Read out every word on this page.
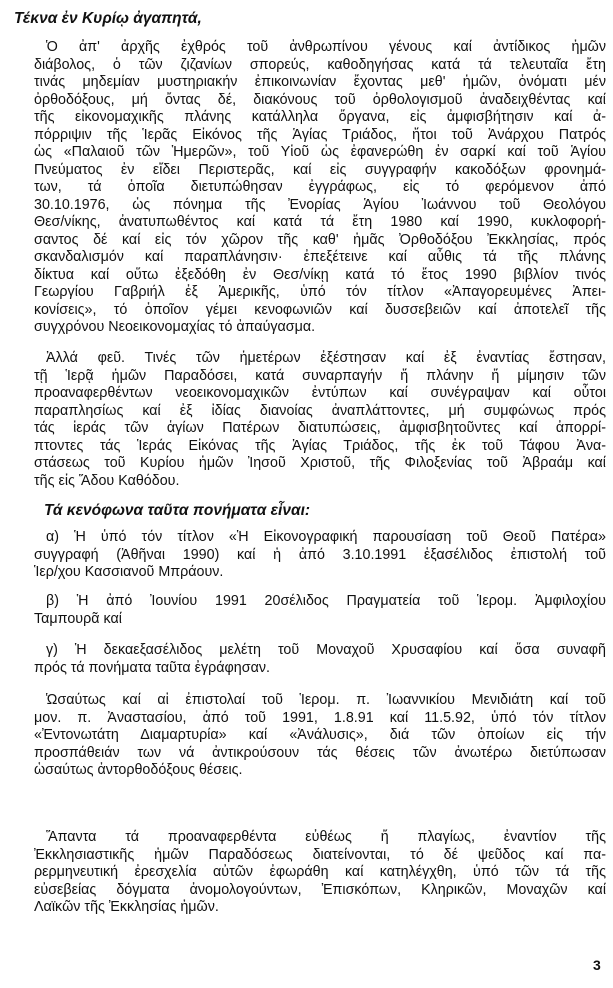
Τέκνα ἐν Κυρίῳ ἀγαπητά,
Ὁ ἀπ' ἀρχῆς ἐχθρός τοῦ ἀνθρωπίνου γένους καί ἀντίδικος ἡμῶν
διάβολος, ὁ τῶν ζιζανίων σπορεύς, καθοδηγήσας κατά τά τελευταῖα ἔτη
τινάς μηδεμίαν μυστηριακήν ἐπικοινωνίαν ἔχοντας μεθ' ἡμῶν, ὀνόματι μέν
ὀρθοδόξους, μή ὄντας δέ, διακόνους τοῦ ὀρθολογισμοῦ ἀναδειχθέντας καί
τῆς εἰκονομαχικῆς πλάνης κατάλληλα ὄργανα, εἰς ἀμφισβήτησιν καί ἀ-
πόρριψιν τῆς Ἱερᾶς Εἰκόνος τῆς Ἁγίας Τριάδος, ἤτοι τοῦ Ἀνάρχου Πατρός
ὡς «Παλαιοῦ τῶν Ἡμερῶν», τοῦ Υἱοῦ ὡς ἐφανερώθη ἐν σαρκί καί τοῦ Ἁγίου
Πνεύματος ἐν εἴδει Περιστερᾶς, καί εἰς συγγραφήν κακοδόξων φρονημά-
των, τά ὁποῖα διετυπώθησαν ἐγγράφως, εἰς τό φερόμενον ἀπό
30.10.1976, ὡς πόνημα τῆς Ἐνορίας Ἁγίου Ἰωάννου τοῦ Θεολόγου
Θεσ/νίκης, ἀνατυπωθέντος καί κατά τά ἔτη 1980 καί 1990, κυκλοφορή-
σαντος δέ καί εἰς τόν χῶρον τῆς καθ' ἡμᾶς Ὀρθοδόξου Ἐκκλησίας, πρός
σκανδαλισμόν καί παραπλάνησιν· ἐπεξέτεινε καί αὖθις τά τῆς πλάνης
δίκτυα καί οὕτω ἐξεδόθη ἐν Θεσ/νίκῃ κατά τό ἔτος 1990 βιβλίον τινός
Γεωργίου Γαβριήλ ἐξ Ἀμερικῆς, ὑπό τόν τίτλον «Ἀπαγορευμένες Ἀπει-
κονίσεις», τό ὁποῖον γέμει κενοφωνιῶν καί δυσσεβειῶν καί ἀποτελεῖ τῆς
συγχρόνου Νεοεικονομαχίας τό ἀπαύγασμα.
Ἀλλά φεῦ. Τινές τῶν ἡμετέρων ἐξέστησαν καί ἐξ ἐναντίας ἔστησαν,
τῇ Ἱερᾷ ἡμῶν Παραδόσει, κατά συναρπαγήν ἤ πλάνην ἤ μίμησιν τῶν
προαναφερθέντων νεοεικονομαχικῶν ἐντύπων καί συνέγραψαν καί οὗτοι
παραπλησίως καί ἐξ ἰδίας διανοίας ἀναπλάττοντες, μή συμφώνως πρός
τάς ἱεράς τῶν ἁγίων Πατέρων διατυπώσεις, ἀμφισβητοῦντες καί ἀπορρί-
πτοντες τάς Ἱεράς Εἰκόνας τῆς Ἁγίας Τριάδος, τῆς ἐκ τοῦ Τάφου Ἀνα-
στάσεως τοῦ Κυρίου ἡμῶν Ἰησοῦ Χριστοῦ, τῆς Φιλοξενίας τοῦ Ἀβραάμ καί
τῆς εἰς Ἅδου Καθόδου.
Τά κενόφωνα ταῦτα πονήματα εἶναι:
α) Ἡ ὑπό τόν τίτλον «Ἡ Εἰκονογραφική παρουσίαση τοῦ Θεοῦ Πατέρα»
συγγραφή (Ἀθῆναι 1990) καί ἡ ἀπό 3.10.1991 ἑξασέλιδος ἐπιστολή τοῦ
Ἱερ/χου Κασσιανοῦ Μπράουν.
β) Ἡ ἀπό Ἰουνίου 1991 20σέλιδος Πραγματεία τοῦ Ἱερομ. Ἀμφιλοχίου
Ταμπουρᾶ καί
γ) Ἡ δεκαεξασέλιδος μελέτη τοῦ Μοναχοῦ Χρυσαφίου καί ὅσα συναφῆ
πρός τά πονήματα ταῦτα ἐγράφησαν.
Ὡσαύτως καί αἱ ἐπιστολαί τοῦ Ἱερομ. π. Ἰωαννικίου Μενιδιάτη καί τοῦ
μον. π. Ἀναστασίου, ἀπό τοῦ 1991, 1.8.91 καί 11.5.92, ὑπό τόν τίτλον
«Ἐντονωτάτη Διαμαρτυρία» καί «Ἀνάλυσις», διά τῶν ὁποίων εἰς τήν
προσπάθειάν των νά ἀντικρούσουν τάς θέσεις τῶν ἀνωτέρω διετύπωσαν
ὡσαύτως ἀντορθοδόξους θέσεις.
Ἅπαντα τά προαναφερθέντα εὐθέως ἤ πλαγίως, ἐναντίον τῆς
Ἐκκλησιαστικῆς ἡμῶν Παραδόσεως διατείνονται, τό δέ ψεῦδος καί πα-
ρερμηνευτική ἐρεσχελία αὐτῶν ἐφωράθη καί κατηλέγχθη, ὑπό τῶν τά τῆς
εὐσεβείας δόγματα ἀνομολογούντων, Ἐπισκόπων, Κληρικῶν, Μοναχῶν καί
Λαϊκῶν τῆς Ἐκκλησίας ἡμῶν.
3
